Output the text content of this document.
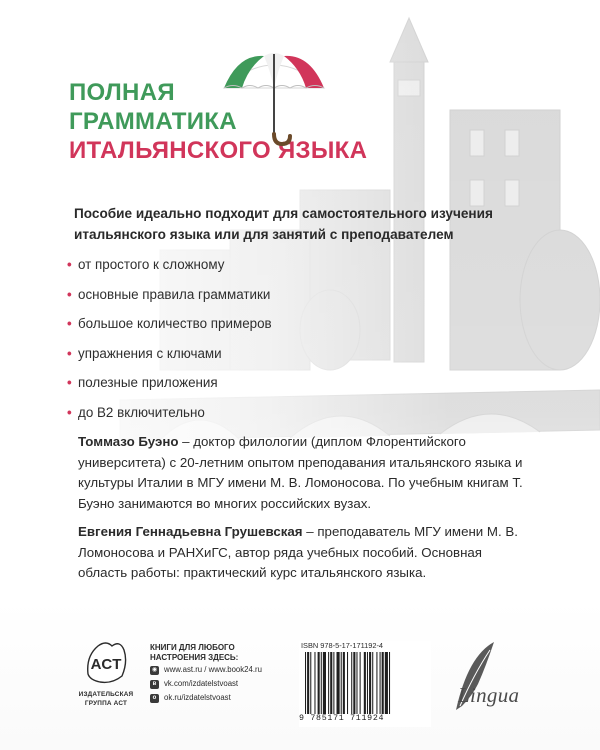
ПОЛНАЯ
ГРАММАТИКА
ИТАЛЬЯНСКОГО ЯЗЫКА

Пособие идеально подходит для самостоятельного изучения итальянского языка или для занятий с преподавателем

• от простого к сложному
• основные правила грамматики
• большое количество примеров
• упражнения с ключами
• полезные приложения
• до B2 включительно

Томмазо Буэно – доктор филологии (диплом Флорентийского университета) с 20-летним опытом преподавания итальянского языка и культуры Италии в МГУ имени М. В. Ломоносова. По учебным книгам Т. Буэно занимаются во многих российских вузах.

Евгения Геннадьевна Грушевская – преподаватель МГУ имени М. В. Ломоносова и РАНХиГС, автор ряда учебных пособий. Основная область работы: практический курс итальянского языка.

ACT
ИЗДАТЕЛЬСКАЯ
ГРУППА АСТ

КНИГИ ДЛЯ ЛЮБОГО
НАСТРОЕНИЯ ЗДЕСЬ:

◉ www.ast.ru / www.book24.ru
в vk.com/izdatelstvoast
о ok.ru/izdatelstvoast
ISBN 978-5-17-171192-4
9 785171 711924
Lingua
